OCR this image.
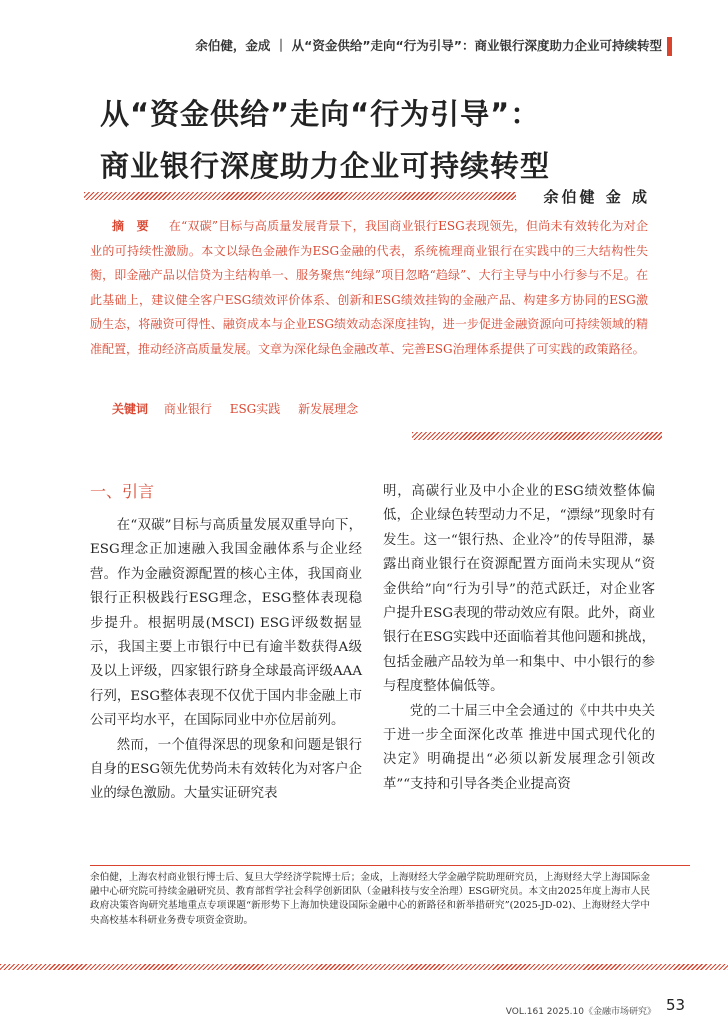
余伯健，金成 ｜ 从“资金供给”走向“行为引导”：商业银行深度助力企业可持续转型
从“资金供给”走向“行为引导”：
商业银行深度助力企业可持续转型
余伯健 金 成
摘 要 在“双碳”目标与高质量发展背景下，我国商业银行ESG表现领先，但尚未有效转化为对企业的可持续性激励。本文以绿色金融作为ESG金融的代表，系统梳理商业银行在实践中的三大结构性失衡，即金融产品以信贷为主结构单一、服务聚焦“纯绿”项目忽略“趋绿”、大行主导与中小行参与不足。在此基础上，建议健全客户ESG绩效评价体系、创新和ESG绩效挂钩的金融产品、构建多方协同的ESG激励生态，将融资可得性、融资成本与企业ESG绩效动态深度挂钩，进一步促进金融资源向可持续领域的精准配置，推动经济高质量发展。文章为深化绿色金融改革、完善ESG治理体系提供了可实践的政策路径。
关键词 商业银行 ESG实践 新发展理念
一、引言

在“双碳”目标与高质量发展双重导向下，ESG理念正加速融入我国金融体系与企业经营。作为金融资源配置的核心主体，我国商业银行正积极践行ESG理念，ESG整体表现稳步提升。根据明晟(MSCI) ESG评级数据显示，我国主要上市银行中已有逾半数获得A级及以上评级，四家银行跻身全球最高评级AAA行列，ESG整体表现不仅优于国内非金融上市公司平均水平，在国际同业中亦位居前列。

然而，一个值得深思的现象和问题是银行自身的ESG领先优势尚未有效转化为对客户企业的绿色激励。大量实证研究表

明，高碳行业及中小企业的ESG绩效整体偏低，企业绿色转型动力不足，“漂绿”现象时有发生。这一“银行热、企业冷”的传导阻滞，暴露出商业银行在资源配置方面尚未实现从“资金供给”向“行为引导”的范式跃迁，对企业客户提升ESG表现的带动效应有限。此外，商业银行在ESG实践中还面临着其他问题和挑战，包括金融产品较为单一和集中、中小银行的参与程度整体偏低等。

党的二十届三中全会通过的《中共中央关于进一步全面深化改革 推进中国式现代化的决定》明确提出“必须以新发展理念引领改革”“支持和引导各类企业提高资

余伯健，上海农村商业银行博士后、复旦大学经济学院博士后；金成，上海财经大学金融学院助理研究员，上海财经大学上海国际金融中心研究院可持续金融研究员、教育部哲学社会科学创新团队（金融科技与安全治理）ESG研究员。本文由2025年度上海市人民政府决策咨询研究基地重点专项课题“新形势下上海加快建设国际金融中心的新路径和新举措研究”(2025-JD-02)、上海财经大学中央高校基本科研业务费专项资金资助。
VOL.161 2025.10《金融市场研究》 53
